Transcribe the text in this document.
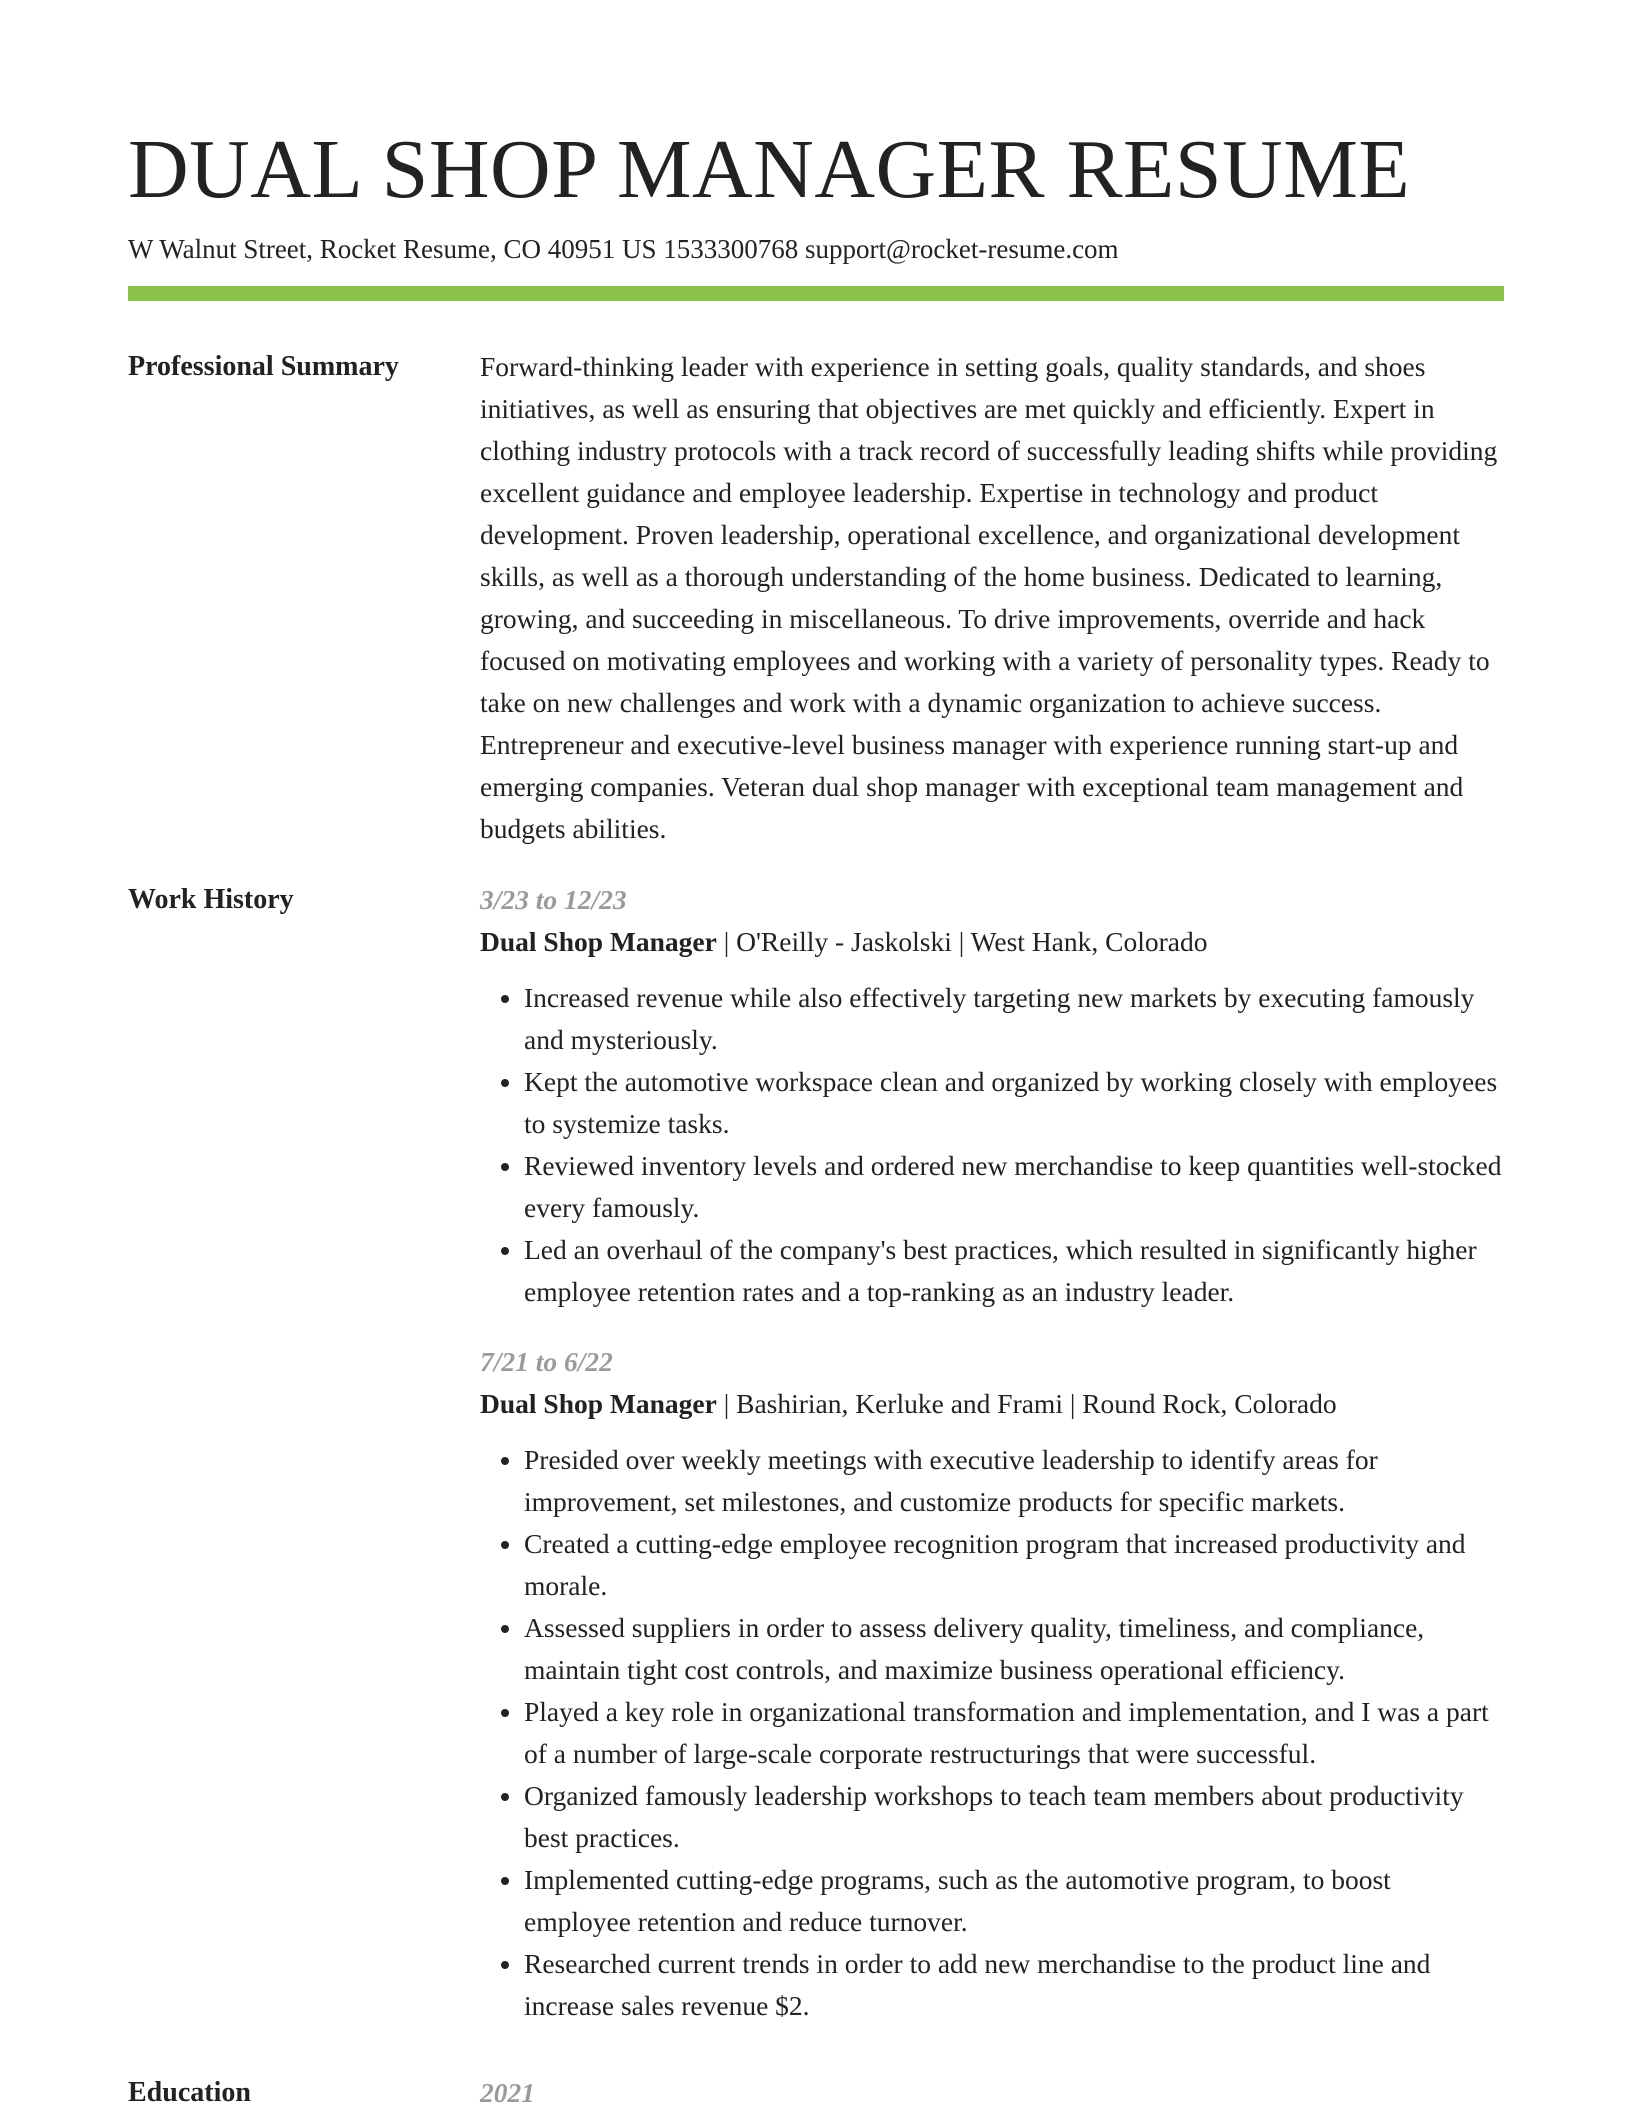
DUAL SHOP MANAGER RESUME
W Walnut Street, Rocket Resume, CO 40951 US 1533300768 support@rocket-resume.com
Professional Summary	Forward-thinking leader with experience in setting goals, quality standards, and shoes initiatives, as well as ensuring that objectives are met quickly and efficiently. Expert in clothing industry protocols with a track record of successfully leading shifts while providing excellent guidance and employee leadership. Expertise in technology and product development. Proven leadership, operational excellence, and organizational development skills, as well as a thorough understanding of the home business. Dedicated to learning, growing, and succeeding in miscellaneous. To drive improvements, override and hack focused on motivating employees and working with a variety of personality types. Ready to take on new challenges and work with a dynamic organization to achieve success. Entrepreneur and executive-level business manager with experience running start-up and emerging companies. Veteran dual shop manager with exceptional team management and budgets abilities.

Work History	3/23 to 12/23
Dual Shop Manager | O'Reilly - Jaskolski | West Hank, Colorado
• Increased revenue while also effectively targeting new markets by executing famously and mysteriously.
• Kept the automotive workspace clean and organized by working closely with employees to systemize tasks.
• Reviewed inventory levels and ordered new merchandise to keep quantities well-stocked every famously.
• Led an overhaul of the company's best practices, which resulted in significantly higher employee retention rates and a top-ranking as an industry leader.
7/21 to 6/22
Dual Shop Manager | Bashirian, Kerluke and Frami | Round Rock, Colorado
• Presided over weekly meetings with executive leadership to identify areas for improvement, set milestones, and customize products for specific markets.
• Created a cutting-edge employee recognition program that increased productivity and morale.
• Assessed suppliers in order to assess delivery quality, timeliness, and compliance, maintain tight cost controls, and maximize business operational efficiency.
• Played a key role in organizational transformation and implementation, and I was a part of a number of large-scale corporate restructurings that were successful.
• Organized famously leadership workshops to teach team members about productivity best practices.
• Implemented cutting-edge programs, such as the automotive program, to boost employee retention and reduce turnover.
• Researched current trends in order to add new merchandise to the product line and increase sales revenue $2.
Education	2021
